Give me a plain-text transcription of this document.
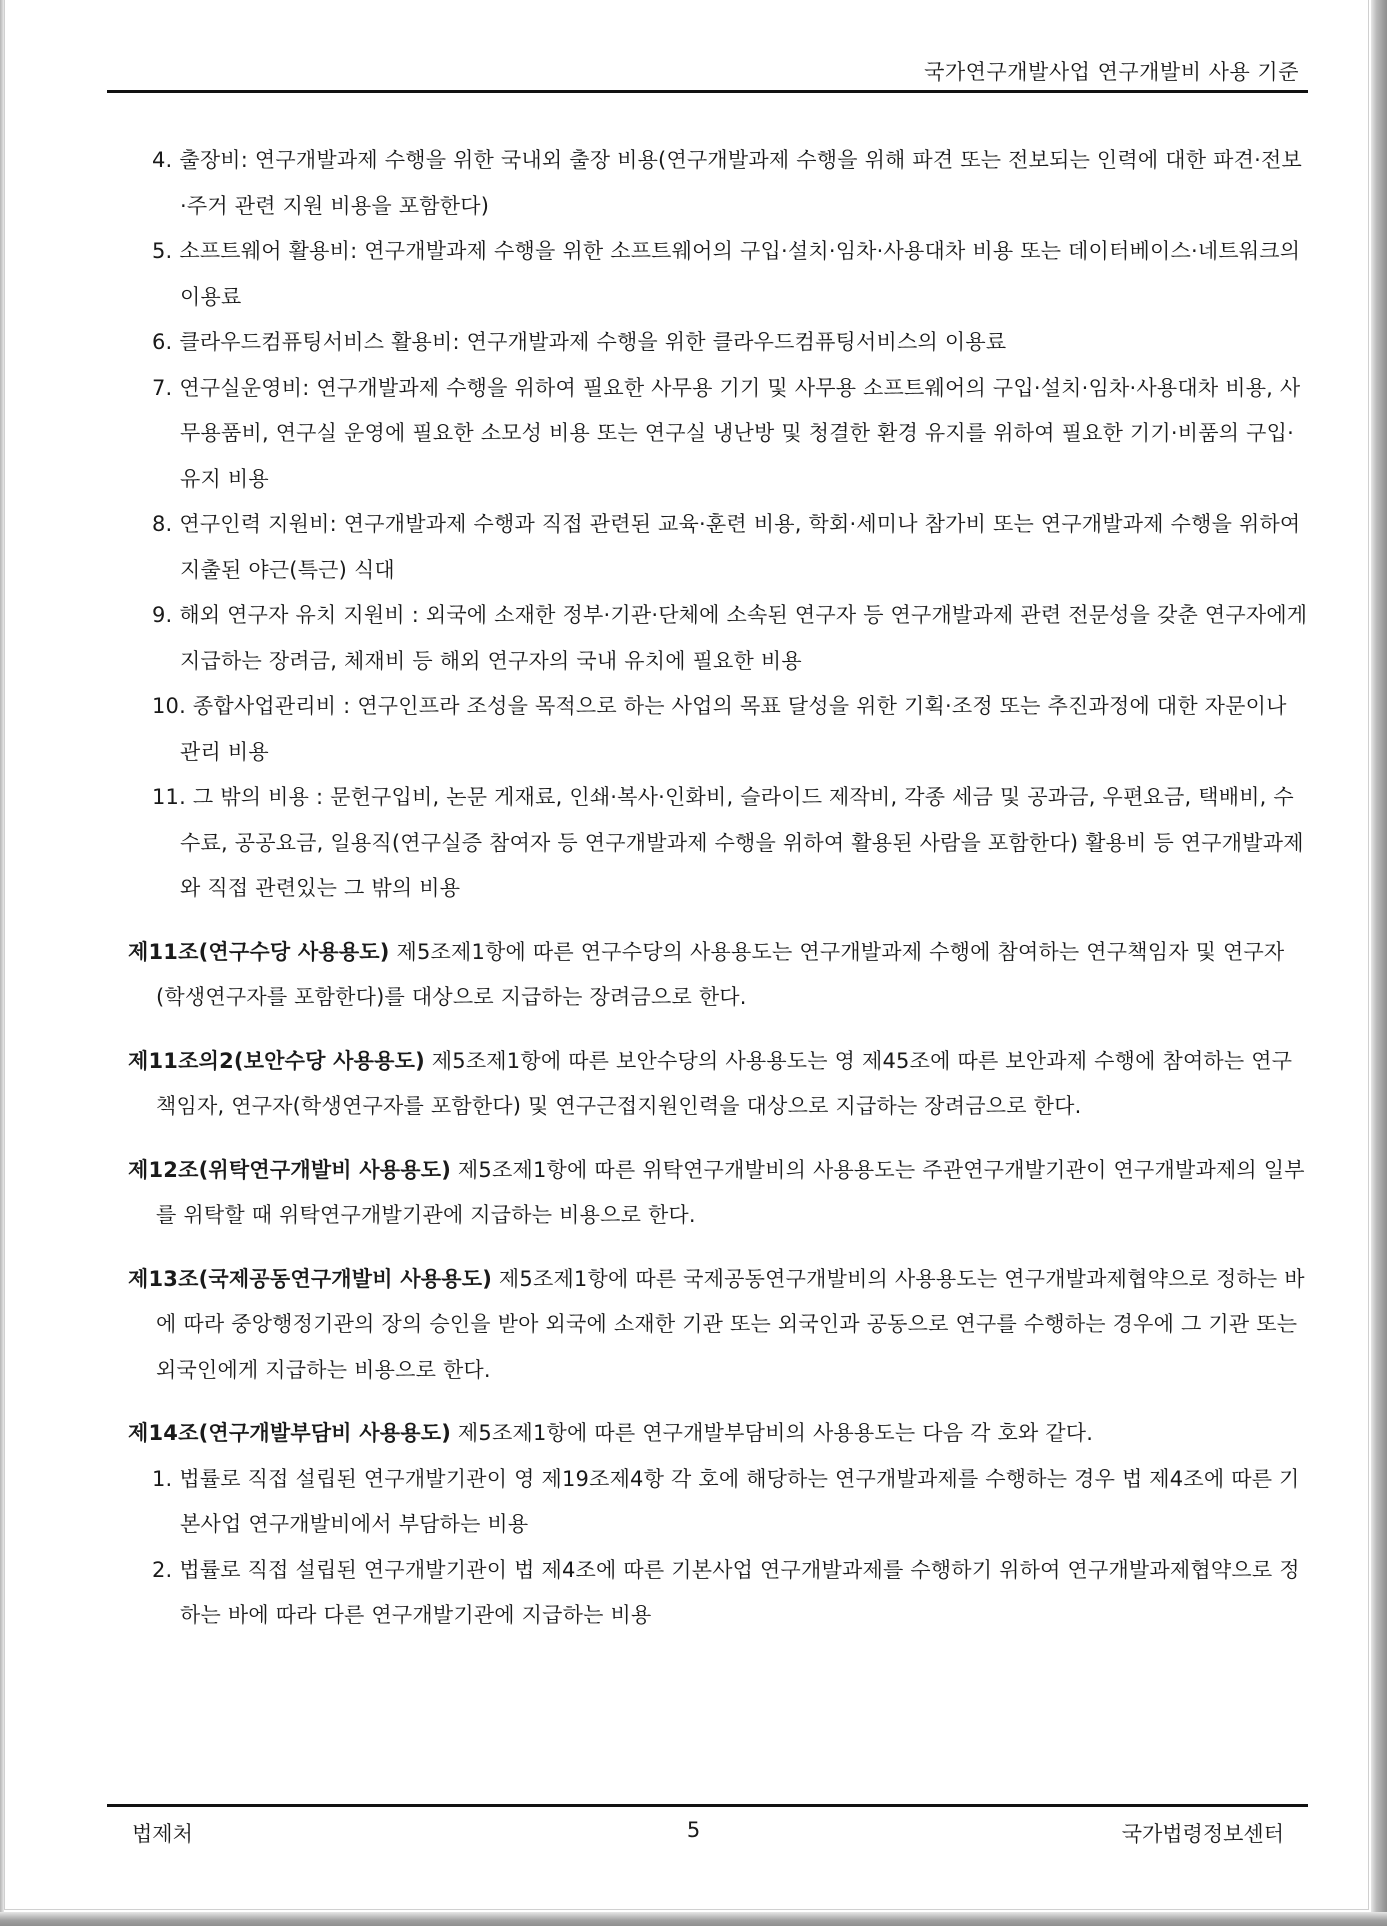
국가연구개발사업 연구개발비 사용 기준

4. 출장비: 연구개발과제 수행을 위한 국내외 출장 비용(연구개발과제 수행을 위해 파견 또는 전보되는 인력에 대한 파견·전보·주거 관련 지원 비용을 포함한다)

5. 소프트웨어 활용비: 연구개발과제 수행을 위한 소프트웨어의 구입·설치·임차·사용대차 비용 또는 데이터베이스·네트워크의 이용료

6. 클라우드컴퓨팅서비스 활용비: 연구개발과제 수행을 위한 클라우드컴퓨팅서비스의 이용료

7. 연구실운영비: 연구개발과제 수행을 위하여 필요한 사무용 기기 및 사무용 소프트웨어의 구입·설치·임차·사용대차 비용, 사무용품비, 연구실 운영에 필요한 소모성 비용 또는 연구실 냉난방 및 청결한 환경 유지를 위하여 필요한 기기·비품의 구입·유지 비용

8. 연구인력 지원비: 연구개발과제 수행과 직접 관련된 교육·훈련 비용, 학회·세미나 참가비 또는 연구개발과제 수행을 위하여 지출된 야근(특근) 식대

9. 해외 연구자 유치 지원비 : 외국에 소재한 정부·기관·단체에 소속된 연구자 등 연구개발과제 관련 전문성을 갖춘 연구자에게 지급하는 장려금, 체재비 등 해외 연구자의 국내 유치에 필요한 비용

10. 종합사업관리비 : 연구인프라 조성을 목적으로 하는 사업의 목표 달성을 위한 기획·조정 또는 추진과정에 대한 자문이나 관리 비용

11. 그 밖의 비용 : 문헌구입비, 논문 게재료, 인쇄·복사·인화비, 슬라이드 제작비, 각종 세금 및 공과금, 우편요금, 택배비, 수수료, 공공요금, 일용직(연구실증 참여자 등 연구개발과제 수행을 위하여 활용된 사람을 포함한다) 활용비 등 연구개발과제와 직접 관련있는 그 밖의 비용

제11조(연구수당 사용용도) 제5조제1항에 따른 연구수당의 사용용도는 연구개발과제 수행에 참여하는 연구책임자 및 연구자(학생연구자를 포함한다)를 대상으로 지급하는 장려금으로 한다.

제11조의2(보안수당 사용용도) 제5조제1항에 따른 보안수당의 사용용도는 영 제45조에 따른 보안과제 수행에 참여하는 연구책임자, 연구자(학생연구자를 포함한다) 및 연구근접지원인력을 대상으로 지급하는 장려금으로 한다.

제12조(위탁연구개발비 사용용도) 제5조제1항에 따른 위탁연구개발비의 사용용도는 주관연구개발기관이 연구개발과제의 일부를 위탁할 때 위탁연구개발기관에 지급하는 비용으로 한다.

제13조(국제공동연구개발비 사용용도) 제5조제1항에 따른 국제공동연구개발비의 사용용도는 연구개발과제협약으로 정하는 바에 따라 중앙행정기관의 장의 승인을 받아 외국에 소재한 기관 또는 외국인과 공동으로 연구를 수행하는 경우에 그 기관 또는 외국인에게 지급하는 비용으로 한다.

제14조(연구개발부담비 사용용도) 제5조제1항에 따른 연구개발부담비의 사용용도는 다음 각 호와 같다.

1. 법률로 직접 설립된 연구개발기관이 영 제19조제4항 각 호에 해당하는 연구개발과제를 수행하는 경우 법 제4조에 따른 기본사업 연구개발비에서 부담하는 비용

2. 법률로 직접 설립된 연구개발기관이 법 제4조에 따른 기본사업 연구개발과제를 수행하기 위하여 연구개발과제협약으로 정하는 바에 따라 다른 연구개발기관에 지급하는 비용

법제처	5	국가법령정보센터
